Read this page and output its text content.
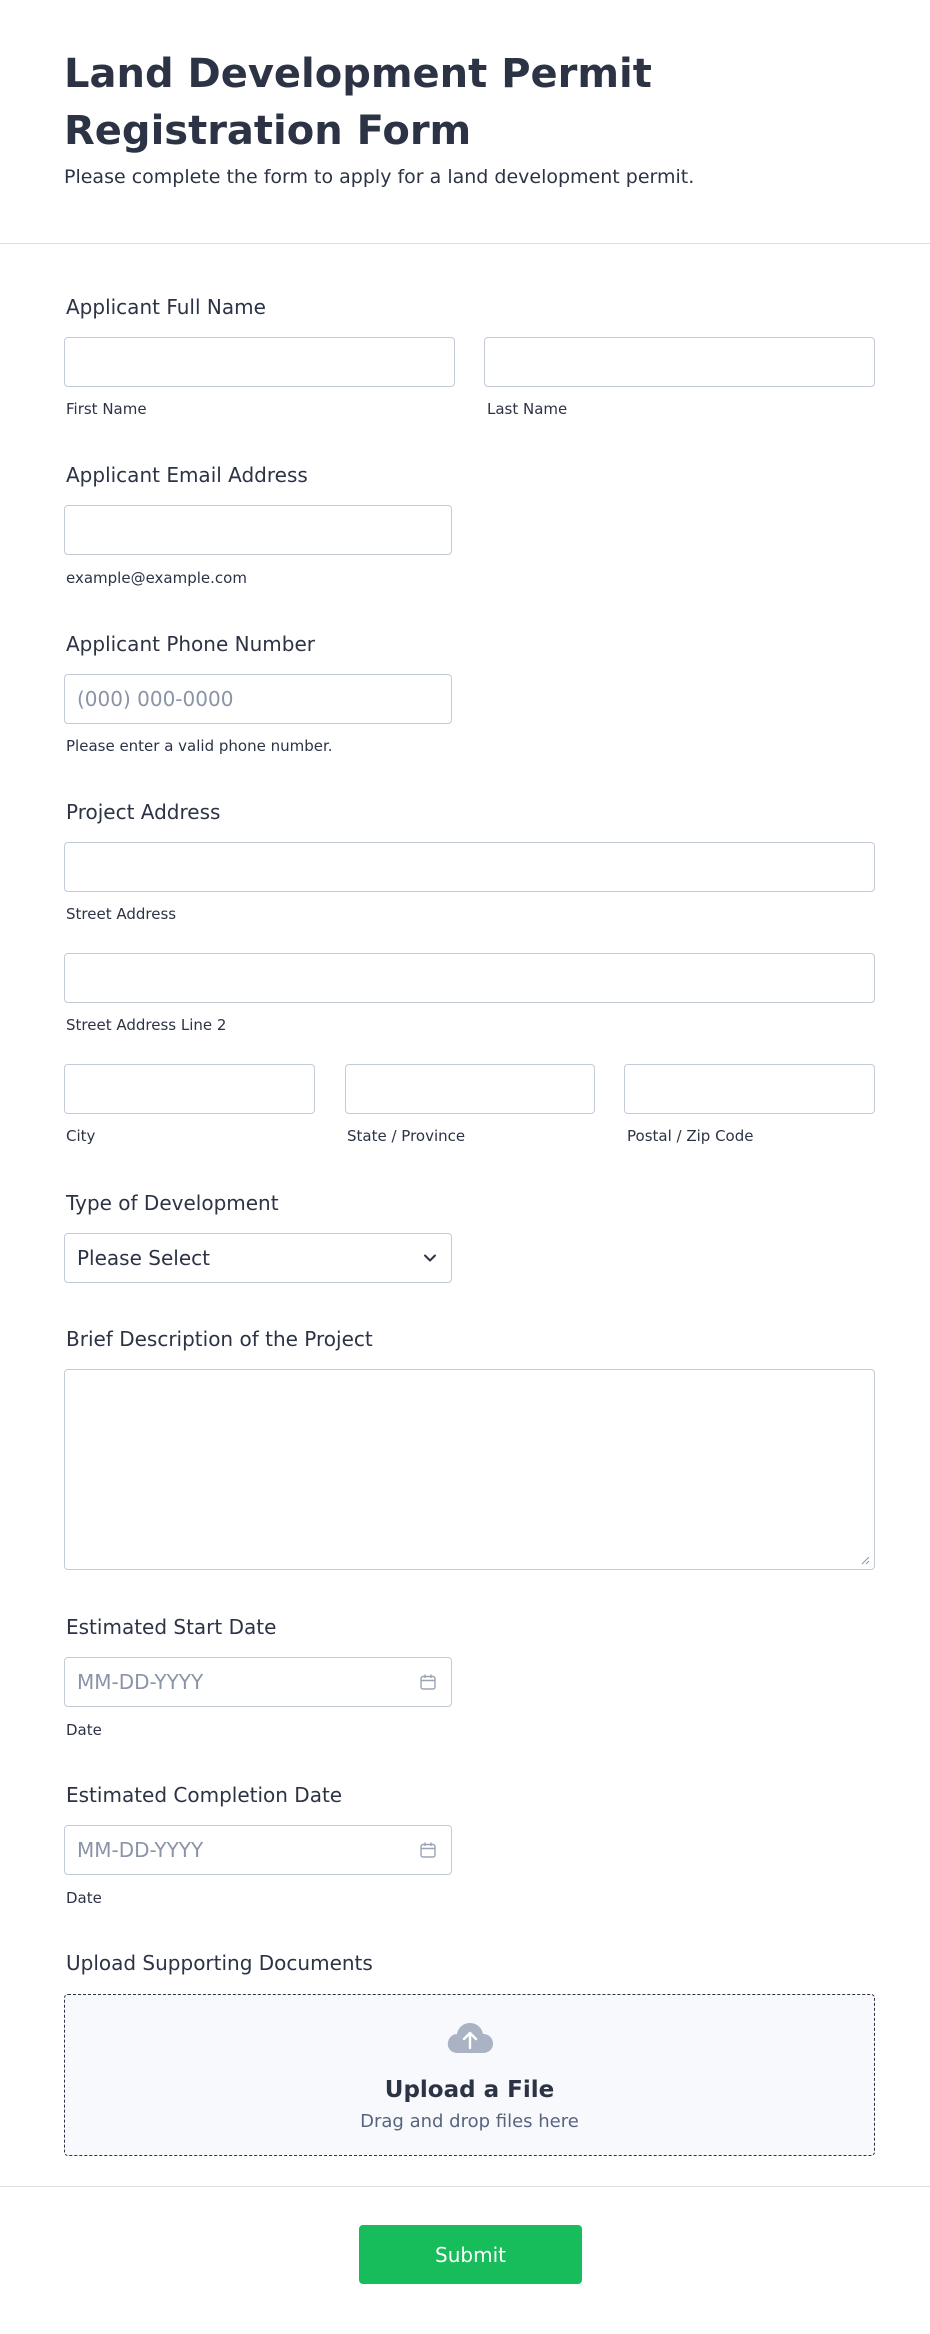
Land Development Permit Registration Form

Please complete the form to apply for a land development permit.

Applicant Full Name
First Name	Last Name
Applicant Email Address
example@example.com
Applicant Phone Number
(000) 000-0000
Please enter a valid phone number.
Project Address
Street Address
Street Address Line 2
City	State / Province	Postal / Zip Code
Type of Development
Please Select
Brief Description of the Project
Estimated Start Date
MM-DD-YYYY
Date
Estimated Completion Date
MM-DD-YYYY
Date
Upload Supporting Documents
Upload a File
Drag and drop files here
Submit
